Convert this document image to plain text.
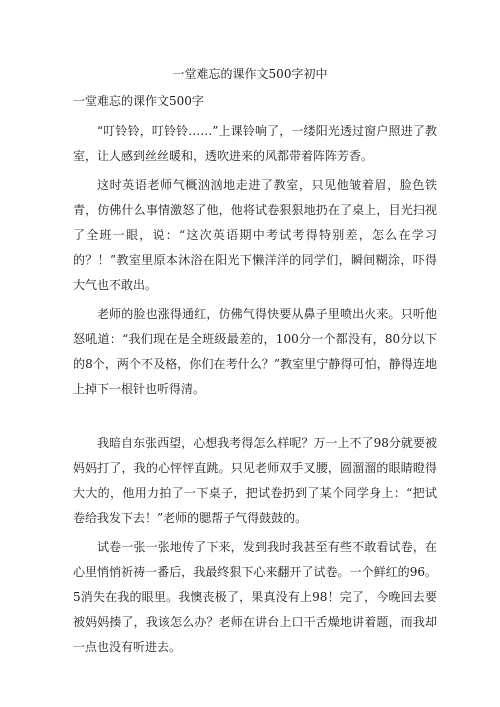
一堂难忘的课作文500字初中
一堂难忘的课作文500字

“叮铃铃，叮铃铃……”上课铃响了，一缕阳光透过窗户照进了教室，让人感到丝丝暖和，透吹进来的风都带着阵阵芳香。

这时英语老师气概汹汹地走进了教室，只见他皱着眉，脸色铁青，仿佛什么事情激怒了他，他将试卷狠狠地扔在了桌上，目光扫视了全班一眼，说：“这次英语期中考试考得特别差，怎么在学习的？！”教室里原本沐浴在阳光下懒洋洋的同学们，瞬间糊涂，吓得大气也不敢出。

老师的脸也涨得通红，仿佛气得快要从鼻子里喷出火来。只听他怒吼道：“我们现在是全班级最差的，100分一个都没有，80分以下的8个，两个不及格，你们在考什么？”教室里宁静得可怕，静得连地上掉下一根针也听得清。

我暗自东张西望，心想我考得怎么样呢？万一上不了98分就要被妈妈打了，我的心怦怦直跳。只见老师双手叉腰，圆溜溜的眼睛瞪得大大的，他用力拍了一下桌子，把试卷扔到了某个同学身上：“把试卷给我发下去！”老师的腮帮子气得鼓鼓的。

试卷一张一张地传了下来，发到我时我甚至有些不敢看试卷，在心里悄悄祈祷一番后，我最终狠下心来翻开了试卷。一个鲜红的96。5消失在我的眼里。我懊丧极了，果真没有上98！完了，今晚回去要被妈妈揍了，我该怎么办？老师在讲台上口干舌燥地讲着题，而我却一点也没有听进去。
